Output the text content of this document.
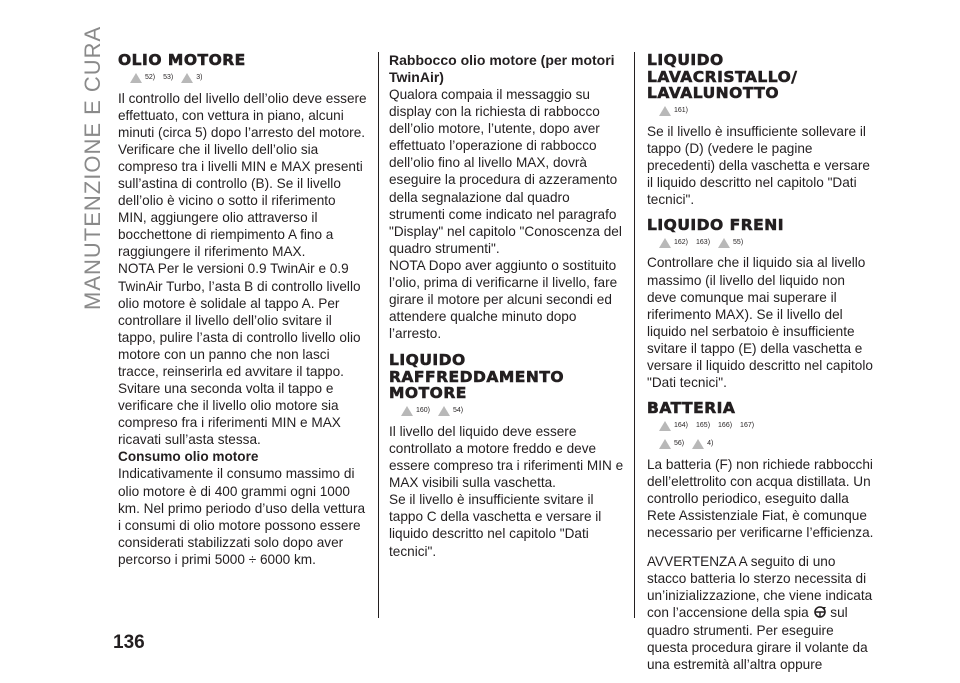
MANUTENZIONE E CURA OLIO MOTORE
52) 53)	3)

Il controllo del livello dell’olio deve essere effettuato, con vettura in piano, alcuni minuti (circa 5) dopo l’arresto del motore.

Verificare che il livello dell’olio sia compreso tra i livelli MIN e MAX presenti sull’astina di controllo (B). Se il livello dell’olio è vicino o sotto il riferimento MIN, aggiungere olio attraverso il bocchettone di riempimento A fino a raggiungere il riferimento MAX.

NOTA Per le versioni 0.9 TwinAir e 0.9 TwinAir Turbo, l’asta B di controllo livello olio motore è solidale al tappo A. Per controllare il livello dell’olio svitare il tappo, pulire l’asta di controllo livello olio motore con un panno che non lasci tracce, reinserirla ed avvitare il tappo. Svitare una seconda volta il tappo e verificare che il livello olio motore sia compreso fra i riferimenti MIN e MAX ricavati sull’asta stessa.

Consumo olio motore

Indicativamente il consumo massimo di olio motore è di 400 grammi ogni 1000 km. Nel primo periodo d’uso della vettura i consumi di olio motore possono essere considerati stabilizzati solo dopo aver percorso i primi 5000 ÷ 6000 km.

Rabbocco olio motore (per motori TwinAir)

Qualora compaia il messaggio su display con la richiesta di rabbocco dell’olio motore, l’utente, dopo aver effettuato l’operazione di rabbocco dell’olio fino al livello MAX, dovrà eseguire la procedura di azzeramento della segnalazione dal quadro strumenti come indicato nel paragrafo "Display" nel capitolo "Conoscenza del quadro strumenti".

NOTA Dopo aver aggiunto o sostituito l’olio, prima di verificarne il livello, fare girare il motore per alcuni secondi ed attendere qualche minuto dopo l’arresto.

LIQUIDO RAFFREDDAMENTO MOTORE
160)	54)

Il livello del liquido deve essere controllato a motore freddo e deve essere compreso tra i riferimenti MIN e MAX visibili sulla vaschetta.

Se il livello è insufficiente svitare il tappo C della vaschetta e versare il liquido descritto nel capitolo "Dati tecnici".

LIQUIDO LAVACRISTALLO/ LAVALUNOTTO
161)

Se il livello è insufficiente sollevare il tappo (D) (vedere le pagine precedenti) della vaschetta e versare il liquido descritto nel capitolo "Dati tecnici".

LIQUIDO FRENI
162) 163)	55)

Controllare che il liquido sia al livello massimo (il livello del liquido non deve comunque mai superare il riferimento MAX). Se il livello del liquido nel serbatoio è insufficiente svitare il tappo (E) della vaschetta e versare il liquido descritto nel capitolo "Dati tecnici".

BATTERIA
164) 165) 166) 167)
56)	4)

La batteria (F) non richiede rabbocchi dell’elettrolito con acqua distillata. Un controllo periodico, eseguito dalla Rete Assistenziale Fiat, è comunque necessario per verificarne l’efficienza.

AVVERTENZA A seguito di uno stacco batteria lo sterzo necessita di un’inizializzazione, che viene indicata con l’accensione della spia sul quadro strumenti. Per eseguire questa procedura girare il volante da una estremità all’altra oppure

136
